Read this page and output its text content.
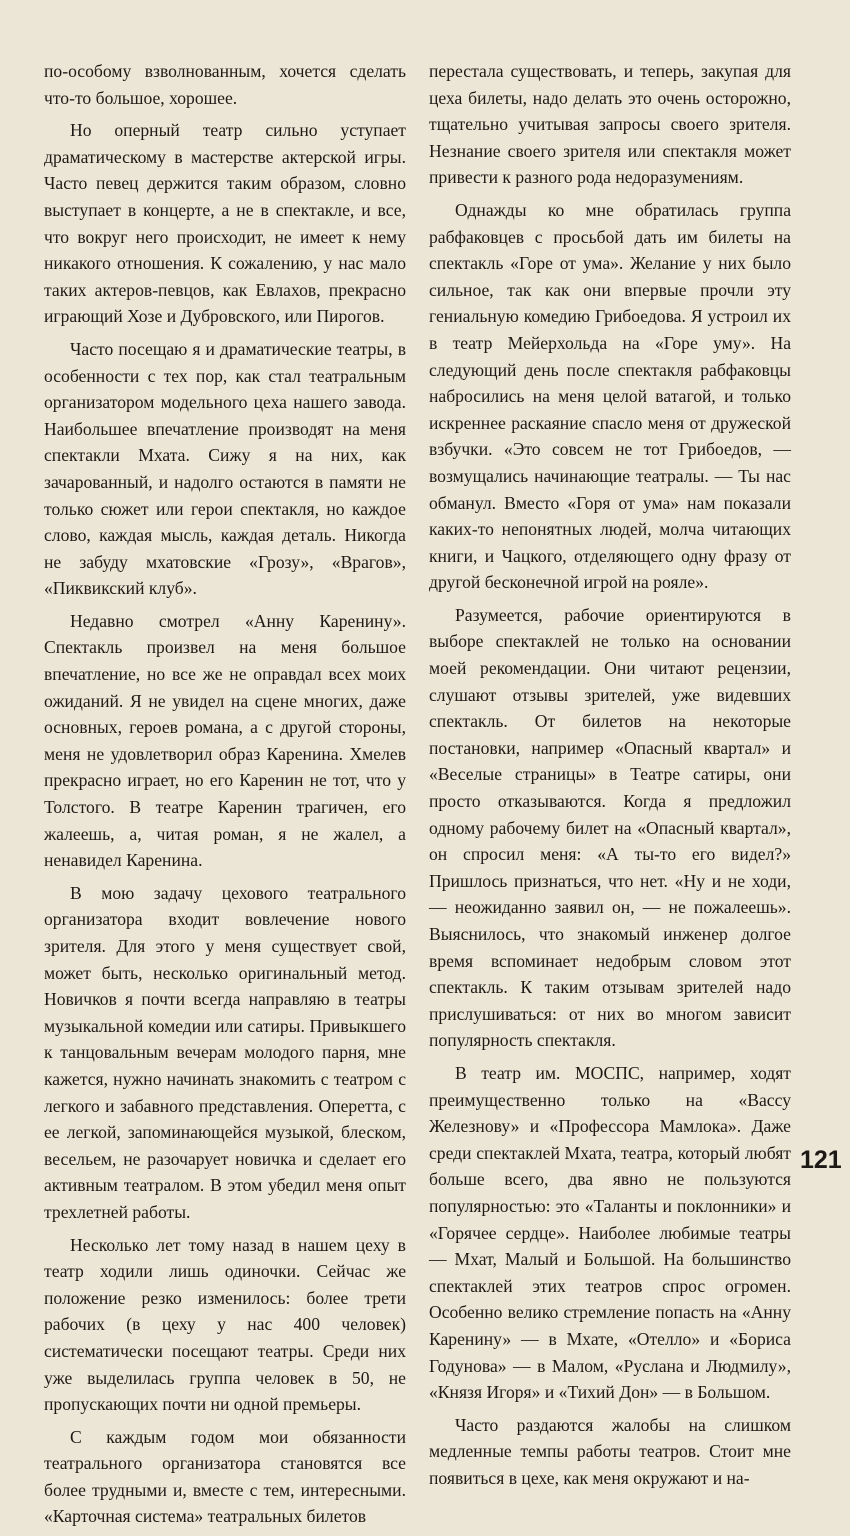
по-особому взволнованным, хочется сделать что-то большое, хорошее.

Но оперный театр сильно уступает драматическому в мастерстве актерской игры. Часто певец держится таким образом, словно выступает в концерте, а не в спектакле, и все, что вокруг него происходит, не имеет к нему никакого отношения. К сожалению, у нас мало таких актеров-певцов, как Евлахов, прекрасно играющий Хозе и Дубровского, или Пирогов.

Часто посещаю я и драматические театры, в особенности с тех пор, как стал театральным организатором модельного цеха нашего завода. Наибольшее впечатление производят на меня спектакли Мхата. Сижу я на них, как зачарованный, и надолго остаются в памяти не только сюжет или герои спектакля, но каждое слово, каждая мысль, каждая деталь. Никогда не забуду мхатовские «Грозу», «Врагов», «Пиквикский клуб».

Недавно смотрел «Анну Каренину». Спектакль произвел на меня большое впечатление, но все же не оправдал всех моих ожиданий. Я не увидел на сцене многих, даже основных, героев романа, а с другой стороны, меня не удовлетворил образ Каренина. Хмелев прекрасно играет, но его Каренин не тот, что у Толстого. В театре Каренин трагичен, его жалеешь, а, читая роман, я не жалел, а ненавидел Каренина.

В мою задачу цехового театрального организатора входит вовлечение нового зрителя. Для этого у меня существует свой, может быть, несколько оригинальный метод. Новичков я почти всегда направляю в театры музыкальной комедии или сатиры. Привыкшего к танцовальным вечерам молодого парня, мне кажется, нужно начинать знакомить с театром с легкого и забавного представления. Оперетта, с ее легкой, запоминающейся музыкой, блеском, весельем, не разочарует новичка и сделает его активным театралом. В этом убедил меня опыт трехлетней работы.

Несколько лет тому назад в нашем цеху в театр ходили лишь одиночки. Сейчас же положение резко изменилось: более трети рабочих (в цеху у нас 400 человек) систематически посещают театры. Среди них уже выделилась группа человек в 50, не пропускающих почти ни одной премьеры.

С каждым годом мои обязанности театрального организатора становятся все более трудными и, вместе с тем, интересными. «Карточная система» театральных билетов

перестала существовать, и теперь, закупая для цеха билеты, надо делать это очень осторожно, тщательно учитывая запросы своего зрителя. Незнание своего зрителя или спектакля может привести к разного рода недоразумениям.

Однажды ко мне обратилась группа рабфаковцев с просьбой дать им билеты на спектакль «Горе от ума». Желание у них было сильное, так как они впервые прочли эту гениальную комедию Грибоедова. Я устроил их в театр Мейерхольда на «Горе уму». На следующий день после спектакля рабфаковцы набросились на меня целой ватагой, и только искреннее раскаяние спасло меня от дружеской взбучки. «Это совсем не тот Грибоедов, — возмущались начинающие театралы. — Ты нас обманул. Вместо «Горя от ума» нам показали каких-то непонятных людей, молча читающих книги, и Чацкого, отделяющего одну фразу от другой бесконечной игрой на рояле».

Разумеется, рабочие ориентируются в выборе спектаклей не только на основании моей рекомендации. Они читают рецензии, слушают отзывы зрителей, уже видевших спектакль. От билетов на некоторые постановки, например «Опасный квартал» и «Веселые страницы» в Театре сатиры, они просто отказываются. Когда я предложил одному рабочему билет на «Опасный квартал», он спросил меня: «А ты-то его видел?» Пришлось признаться, что нет. «Ну и не ходи,— неожиданно заявил он, — не пожалеешь». Выяснилось, что знакомый инженер долгое время вспоминает недобрым словом этот спектакль. К таким отзывам зрителей надо прислушиваться: от них во многом зависит популярность спектакля.

В театр им. МОСПС, например, ходят преимущественно только на «Вассу Железнову» и «Профессора Мамлока». Даже среди спектаклей Мхата, театра, который любят больше всего, два явно не пользуются популярностью: это «Таланты и поклонники» и «Горячее сердце». Наиболее любимые театры — Мхат, Малый и Большой. На большинство спектаклей этих театров спрос огромен. Особенно велико стремление попасть на «Анну Каренину» — в Мхате, «Отелло» и «Бориса Годунова» — в Малом, «Руслана и Людмилу», «Князя Игоря» и «Тихий Дон» — в Большом.

Часто раздаются жалобы на слишком медленные темпы работы театров. Стоит мне появиться в цехе, как меня окружают и на-

121
